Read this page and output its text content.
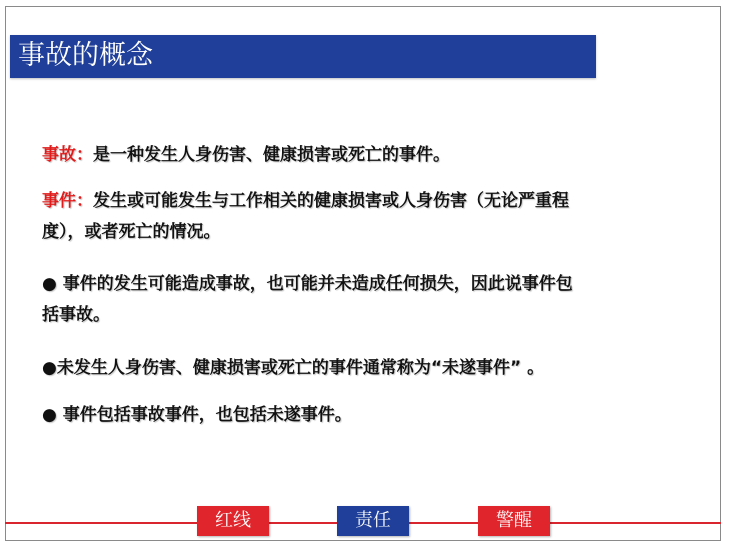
事故的概念
事故：是一种发生人身伤害、健康损害或死亡的事件。
事件：发生或可能发生与工作相关的健康损害或人身伤害（无论严重程
度），或者死亡的情况。
● 事件的发生可能造成事故，也可能并未造成任何损失，因此说事件包
括事故。
●未发生人身伤害、健康损害或死亡的事件通常称为“未遂事件” 。
● 事件包括事故事件，也包括未遂事件。
红线	责任	警醒
